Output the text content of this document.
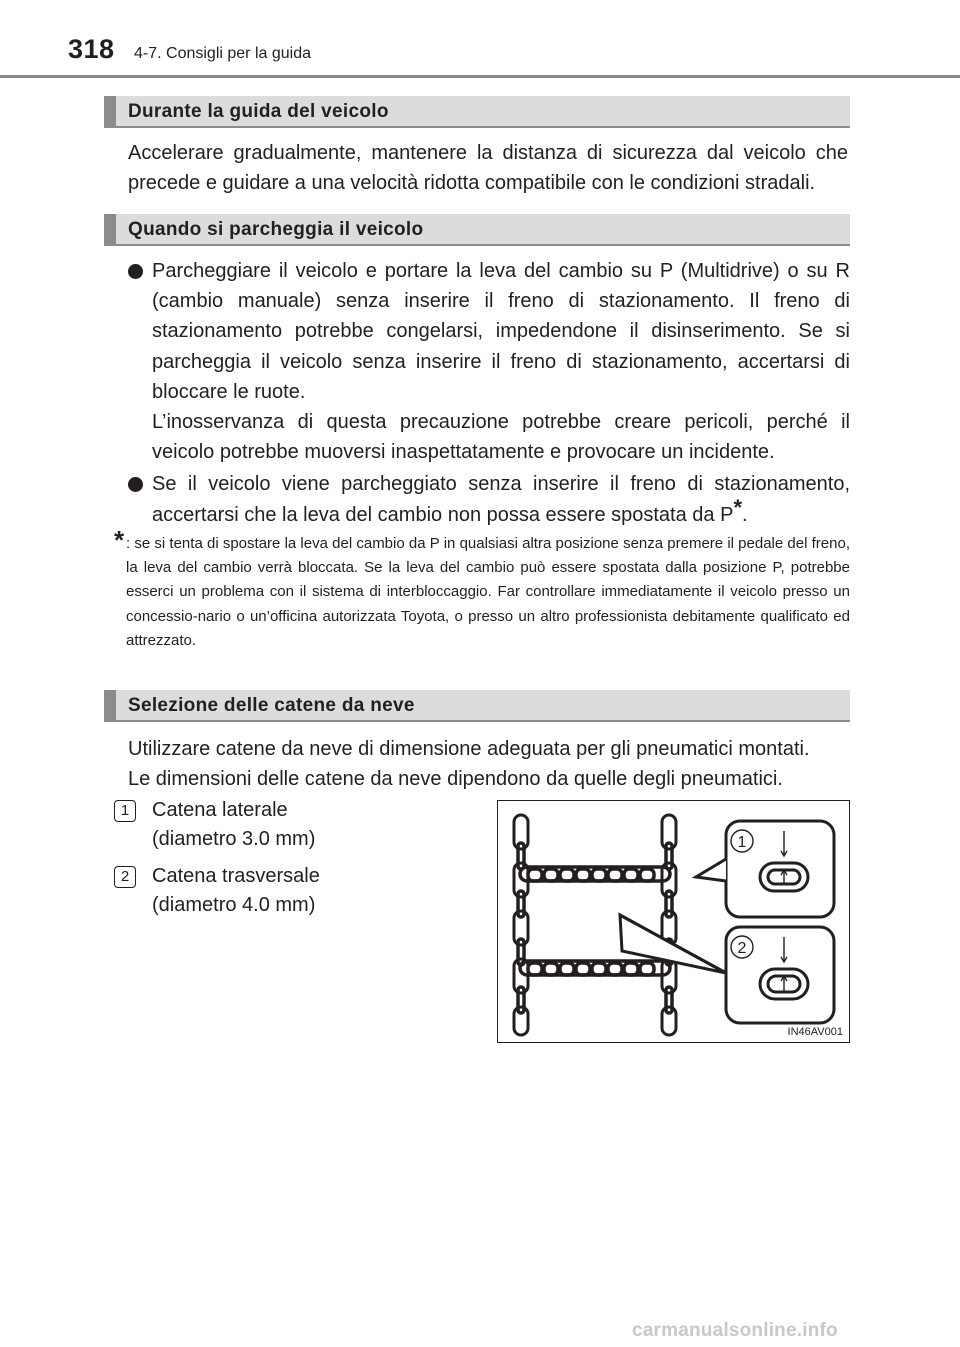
318 4-7. Consigli per la guida
Durante la guida del veicolo
Accelerare gradualmente, mantenere la distanza di sicurezza dal veicolo che precede e guidare a una velocità ridotta compatibile con le condizioni stradali.
Quando si parcheggia il veicolo

Parcheggiare il veicolo e portare la leva del cambio su P (Multidrive) o su R (cambio manuale) senza inserire il freno di stazionamento. Il freno di stazionamento potrebbe congelarsi, impedendone il disinserimento. Se si parcheggia il veicolo senza inserire il freno di stazionamento, accertarsi di bloccare le ruote.

L’inosservanza di questa precauzione potrebbe creare pericoli, perché il veicolo potrebbe muoversi inaspettatamente e provocare un incidente.

Se il veicolo viene parcheggiato senza inserire il freno di stazionamento, accertarsi che la leva del cambio non possa essere spostata da P*.

* : se si tenta di spostare la leva del cambio da P in qualsiasi altra posizione senza premere il pedale del freno, la leva del cambio verrà bloccata. Se la leva del cambio può essere spostata dalla posizione P, potrebbe esserci un problema con il sistema di interbloccaggio. Far controllare immediatamente il veicolo presso un concessio-nario o un’officina autorizzata Toyota, o presso un altro professionista debitamente qualificato ed attrezzato.
Selezione delle catene da neve
Utilizzare catene da neve di dimensione adeguata per gli pneumatici montati.
Le dimensioni delle catene da neve dipendono da quelle degli pneumatici.
1	Catena laterale
(diametro 3.0 mm)
2	Catena trasversale
(diametro 4.0 mm)
1
2
IN46AV001
carmanualsonline.info
